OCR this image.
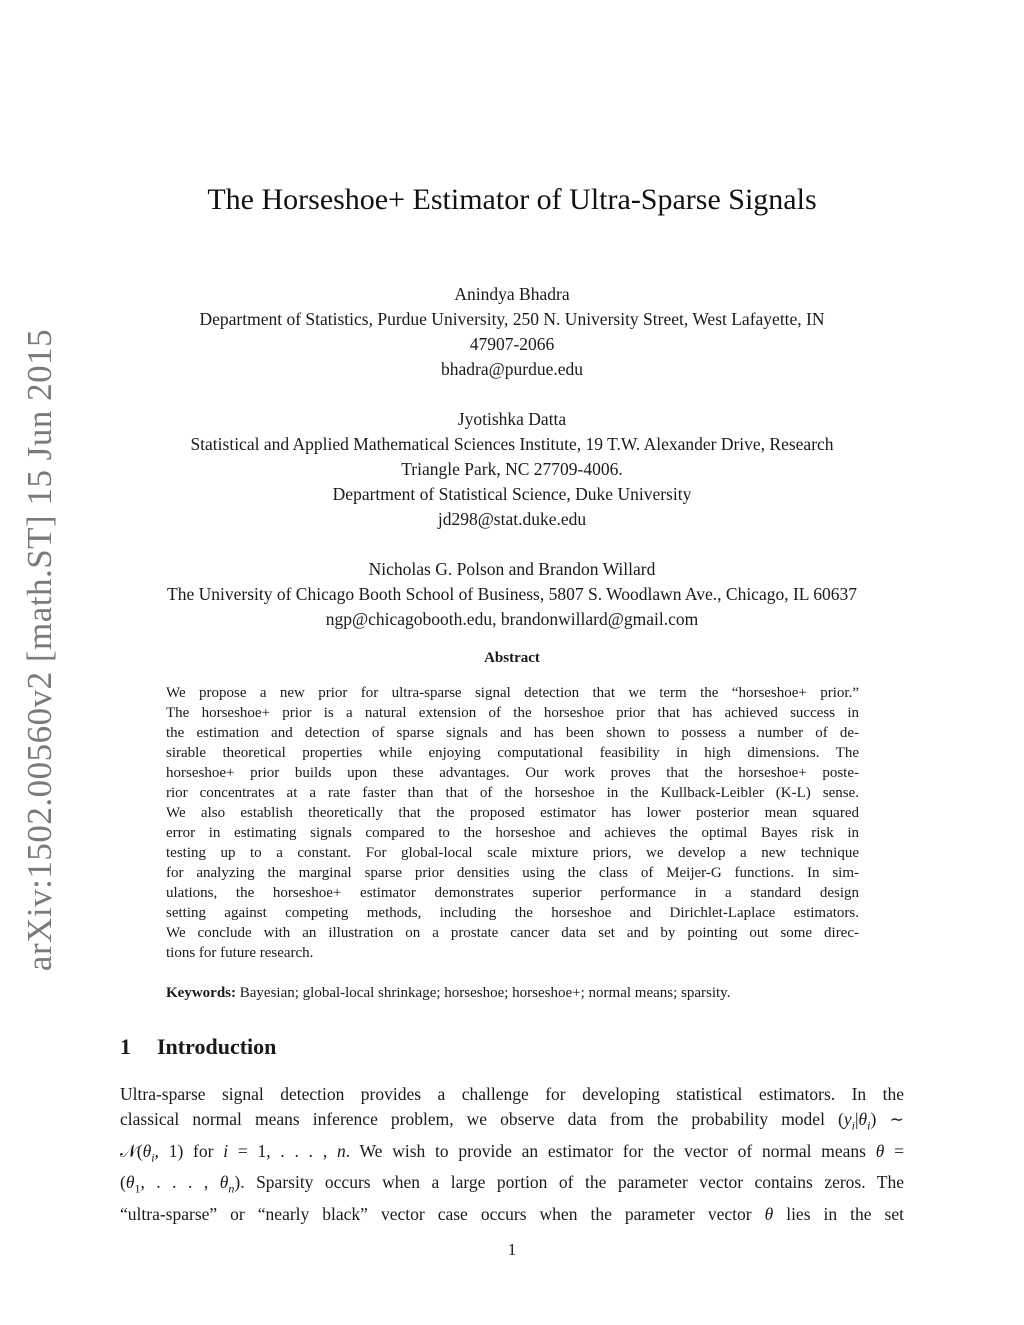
arXiv:1502.00560v2 [math.ST] 15 Jun 2015
The Horseshoe+ Estimator of Ultra-Sparse Signals
Anindya Bhadra
Department of Statistics, Purdue University, 250 N. University Street, West Lafayette, IN
47907-2066
bhadra@purdue.edu
Jyotishka Datta
Statistical and Applied Mathematical Sciences Institute, 19 T.W. Alexander Drive, Research
Triangle Park, NC 27709-4006.
Department of Statistical Science, Duke University
jd298@stat.duke.edu
Nicholas G. Polson and Brandon Willard
The University of Chicago Booth School of Business, 5807 S. Woodlawn Ave., Chicago, IL 60637
ngp@chicagobooth.edu, brandonwillard@gmail.com
Abstract
We propose a new prior for ultra-sparse signal detection that we term the “horseshoe+ prior.”
The horseshoe+ prior is a natural extension of the horseshoe prior that has achieved success in
the estimation and detection of sparse signals and has been shown to possess a number of de-
sirable theoretical properties while enjoying computational feasibility in high dimensions. The
horseshoe+ prior builds upon these advantages. Our work proves that the horseshoe+ poste-
rior concentrates at a rate faster than that of the horseshoe in the Kullback-Leibler (K-L) sense.
We also establish theoretically that the proposed estimator has lower posterior mean squared
error in estimating signals compared to the horseshoe and achieves the optimal Bayes risk in
testing up to a constant. For global-local scale mixture priors, we develop a new technique
for analyzing the marginal sparse prior densities using the class of Meijer-G functions. In sim-
ulations, the horseshoe+ estimator demonstrates superior performance in a standard design
setting against competing methods, including the horseshoe and Dirichlet-Laplace estimators.
We conclude with an illustration on a prostate cancer data set and by pointing out some direc-
tions for future research.
Keywords: Bayesian; global-local shrinkage; horseshoe; horseshoe+; normal means; sparsity.
1 Introduction
Ultra-sparse signal detection provides a challenge for developing statistical estimators. In the
classical normal means inference problem, we observe data from the probability model $(y_i|\theta_i)$ ∼
$𝒩(\theta_i$, 1) for i = 1, . . . , n. We wish to provide an estimator for the vector of normal means θ =
($\theta_1$, . . . , $\theta_n$). Sparsity occurs when a large portion of the parameter vector contains zeros. The
“ultra-sparse” or “nearly black” vector case occurs when the parameter vector θ lies in the set
1
